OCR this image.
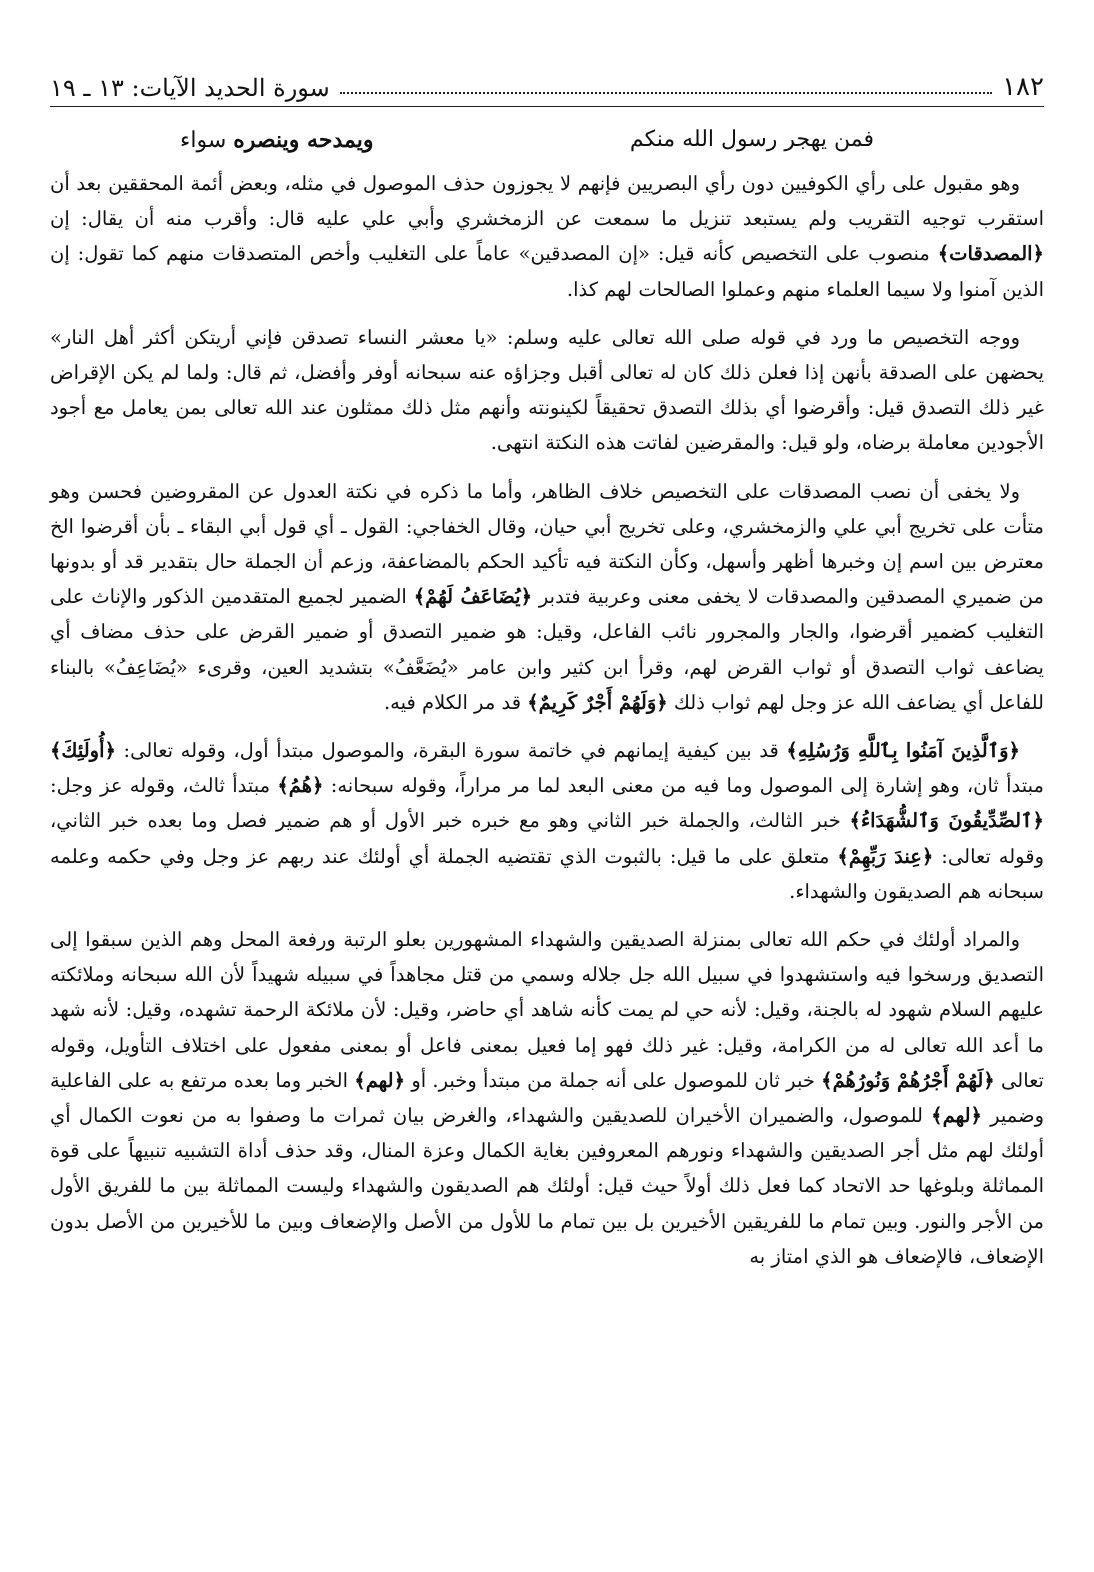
١٨٢
سورة الحديد الآيات: ١٣ ـ ١٩
فمن يهجر رسول الله منكم
ويمدحه وينصره سواء

وهو مقبول على رأي الكوفيين دون رأي البصريين فإنهم لا يجوزون حذف الموصول في مثله، وبعض أئمة المحققين بعد أن استقرب توجيه التقريب ولم يستبعد تنزيل ما سمعت عن الزمخشري وأبي علي عليه قال: وأقرب منه أن يقال: إن ﴿المصدقات﴾ منصوب على التخصيص كأنه قيل: «إن المصدقين» عاماً على التغليب وأخص المتصدقات منهم كما تقول: إن الذين آمنوا ولا سيما العلماء منهم وعملوا الصالحات لهم كذا.

ووجه التخصيص ما ورد في قوله صلى الله تعالى عليه وسلم: «يا معشر النساء تصدقن فإني أريتكن أكثر أهل النار» يحضهن على الصدقة بأنهن إذا فعلن ذلك كان له تعالى أقبل وجزاؤه عنه سبحانه أوفر وأفضل، ثم قال: ولما لم يكن الإقراض غير ذلك التصدق قيل: وأقرضوا أي بذلك التصدق تحقيقاً لكينونته وأنهم مثل ذلك ممثلون عند الله تعالى بمن يعامل مع أجود الأجودين معاملة برضاه، ولو قيل: والمقرضين لفاتت هذه النكتة انتهى.

ولا يخفى أن نصب المصدقات على التخصيص خلاف الظاهر، وأما ما ذكره في نكتة العدول عن المقروضين فحسن وهو متأت على تخريج أبي علي والزمخشري، وعلى تخريج أبي حيان، وقال الخفاجي: القول ـ أي قول أبي البقاء ـ بأن أقرضوا الخ معترض بين اسم إن وخبرها أظهر وأسهل، وكأن النكتة فيه تأكيد الحكم بالمضاعفة، وزعم أن الجملة حال بتقدير قد أو بدونها من ضميري المصدقين والمصدقات لا يخفى معنى وعربية فتدبر ﴿يُضَاعَفُ لَهُمْ﴾ الضمير لجميع المتقدمين الذكور والإناث على التغليب كضمير أقرضوا، والجار والمجرور نائب الفاعل، وقيل: هو ضمير التصدق أو ضمير القرض على حذف مضاف أي يضاعف ثواب التصدق أو ثواب القرض لهم، وقرأ ابن كثير وابن عامر «يُضَعَّفُ» بتشديد العين، وقرىء «يُضَاعِفُ» بالبناء للفاعل أي يضاعف الله عز وجل لهم ثواب ذلك ﴿وَلَهُمْ أَجْرٌ كَرِيمٌ﴾ قد مر الكلام فيه.

﴿وَٱلَّذِينَ آمَنُوا بِٱللَّهِ وَرُسُلِهِ﴾ قد بين كيفية إيمانهم في خاتمة سورة البقرة، والموصول مبتدأ أول، وقوله تعالى: ﴿أُولَئِكَ﴾ مبتدأ ثان، وهو إشارة إلى الموصول وما فيه من معنى البعد لما مر مراراً، وقوله سبحانه: ﴿هُمُ﴾ مبتدأ ثالث، وقوله عز وجل: ﴿ٱلصِّدِّيقُونَ وَٱلشُّهَدَاءُ﴾ خبر الثالث، والجملة خبر الثاني وهو مع خبره خبر الأول أو هم ضمير فصل وما بعده خبر الثاني، وقوله تعالى: ﴿عِندَ رَبِّهِمْ﴾ متعلق على ما قيل: بالثبوت الذي تقتضيه الجملة أي أولئك عند ربهم عز وجل وفي حكمه وعلمه سبحانه هم الصديقون والشهداء.

والمراد أولئك في حكم الله تعالى بمنزلة الصديقين والشهداء المشهورين بعلو الرتبة ورفعة المحل وهم الذين سبقوا إلى التصديق ورسخوا فيه واستشهدوا في سبيل الله جل جلاله وسمي من قتل مجاهداً في سبيله شهيداً لأن الله سبحانه وملائكته عليهم السلام شهود له بالجنة، وقيل: لأنه حي لم يمت كأنه شاهد أي حاضر، وقيل: لأن ملائكة الرحمة تشهده، وقيل: لأنه شهد ما أعد الله تعالى له من الكرامة، وقيل: غير ذلك فهو إما فعيل بمعنى فاعل أو بمعنى مفعول على اختلاف التأويل، وقوله تعالى ﴿لَهُمْ أَجْرُهُمْ وَنُورُهُمْ﴾ خبر ثان للموصول على أنه جملة من مبتدأ وخبر. أو ﴿لهم﴾ الخبر وما بعده مرتفع به على الفاعلية وضمير ﴿لهم﴾ للموصول، والضميران الأخيران للصديقين والشهداء، والغرض بيان ثمرات ما وصفوا به من نعوت الكمال أي أولئك لهم مثل أجر الصديقين والشهداء ونورهم المعروفين بغاية الكمال وعزة المنال، وقد حذف أداة التشبيه تنبيهاً على قوة المماثلة وبلوغها حد الاتحاد كما فعل ذلك أولاً حيث قيل: أولئك هم الصديقون والشهداء وليست المماثلة بين ما للفريق الأول من الأجر والنور. وبين تمام ما للفريقين الأخيرين بل بين تمام ما للأول من الأصل والإضعاف وبين ما للأخيرين من الأصل بدون الإضعاف، فالإضعاف هو الذي امتاز به
